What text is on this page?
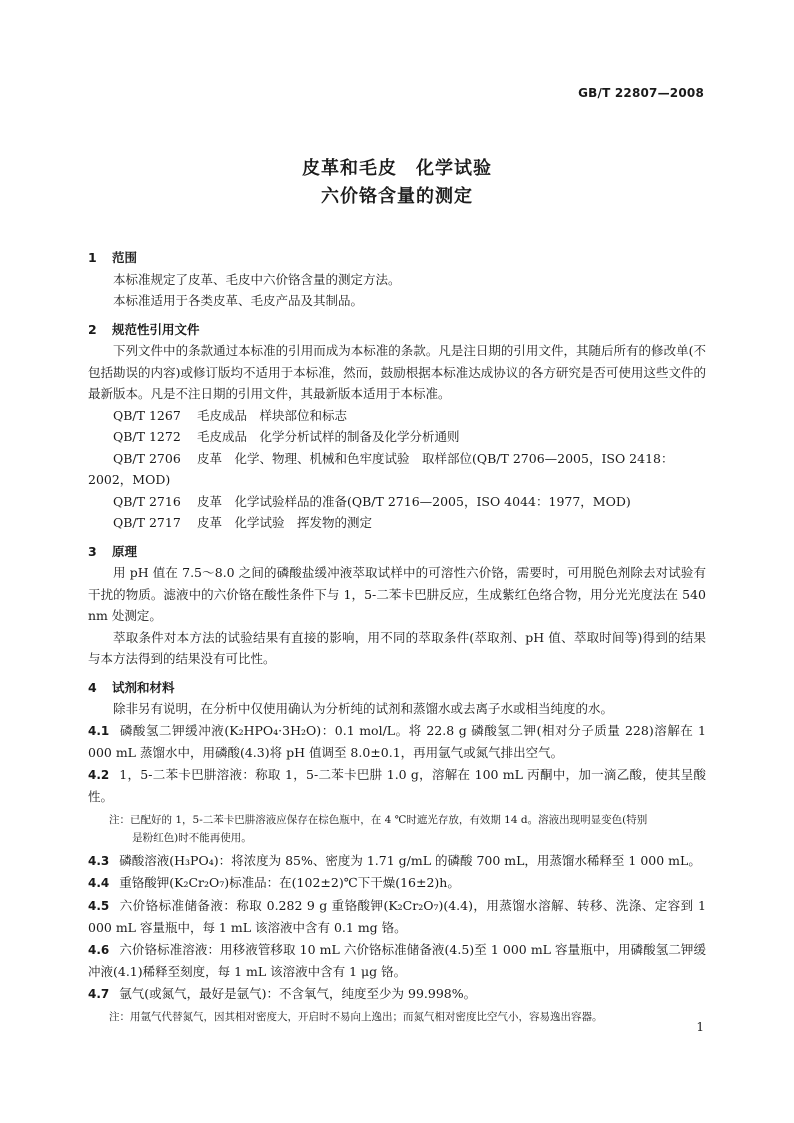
GB/T 22807—2008
皮革和毛皮　化学试验
六价铬含量的测定
1 范围

本标准规定了皮革、毛皮中六价铬含量的测定方法。

本标准适用于各类皮革、毛皮产品及其制品。

2 规范性引用文件

下列文件中的条款通过本标准的引用而成为本标准的条款。凡是注日期的引用文件，其随后所有的修改单(不包括勘误的内容)或修订版均不适用于本标准，然而，鼓励根据本标准达成协议的各方研究是否可使用这些文件的最新版本。凡是不注日期的引用文件，其最新版本适用于本标准。

QB/T 1267 毛皮成品　样块部位和标志

QB/T 1272 毛皮成品　化学分析试样的制备及化学分析通则

QB/T 2706 皮革　化学、物理、机械和色牢度试验　取样部位(QB/T 2706—2005，ISO 2418：

2002，MOD)

QB/T 2716 皮革　化学试验样品的准备(QB/T 2716—2005，ISO 4044：1977，MOD)

QB/T 2717 皮革　化学试验　挥发物的测定

3 原理

用 pH 值在 7.5～8.0 之间的磷酸盐缓冲液萃取试样中的可溶性六价铬，需要时，可用脱色剂除去对试验有干扰的物质。滤液中的六价铬在酸性条件下与 1，5-二苯卡巴肼反应，生成紫红色络合物，用分光光度法在 540 nm 处测定。

萃取条件对本方法的试验结果有直接的影响，用不同的萃取条件(萃取剂、pH 值、萃取时间等)得到的结果与本方法得到的结果没有可比性。

4 试剂和材料

除非另有说明，在分析中仅使用确认为分析纯的试剂和蒸馏水或去离子水或相当纯度的水。

4.1 磷酸氢二钾缓冲液(K₂HPO₄·3H₂O)：0.1 mol/L。将 22.8 g 磷酸氢二钾(相对分子质量 228)溶解在 1 000 mL 蒸馏水中，用磷酸(4.3)将 pH 值调至 8.0±0.1，再用氩气或氮气排出空气。

4.2 1，5-二苯卡巴肼溶液：称取 1，5-二苯卡巴肼 1.0 g，溶解在 100 mL 丙酮中，加一滴乙酸，使其呈酸性。

注：已配好的 1，5-二苯卡巴肼溶液应保存在棕色瓶中，在 4 ℃时遮光存放，有效期 14 d。溶液出现明显变色(特别

是粉红色)时不能再使用。

4.3 磷酸溶液(H₃PO₄)：将浓度为 85%、密度为 1.71 g/mL 的磷酸 700 mL，用蒸馏水稀释至 1 000 mL。

4.4 重铬酸钾(K₂Cr₂O₇)标准品：在(102±2)℃下干燥(16±2)h。

4.5 六价铬标准储备液：称取 0.282 9 g 重铬酸钾(K₂Cr₂O₇)(4.4)，用蒸馏水溶解、转移、洗涤、定容到 1 000 mL 容量瓶中，每 1 mL 该溶液中含有 0.1 mg 铬。

4.6 六价铬标准溶液：用移液管移取 10 mL 六价铬标准储备液(4.5)至 1 000 mL 容量瓶中，用磷酸氢二钾缓冲液(4.1)稀释至刻度，每 1 mL 该溶液中含有 1 μg 铬。

4.7 氩气(或氮气，最好是氩气)：不含氧气，纯度至少为 99.998%。

注：用氩气代替氮气，因其相对密度大，开启时不易向上逸出；而氮气相对密度比空气小，容易逸出容器。

1
